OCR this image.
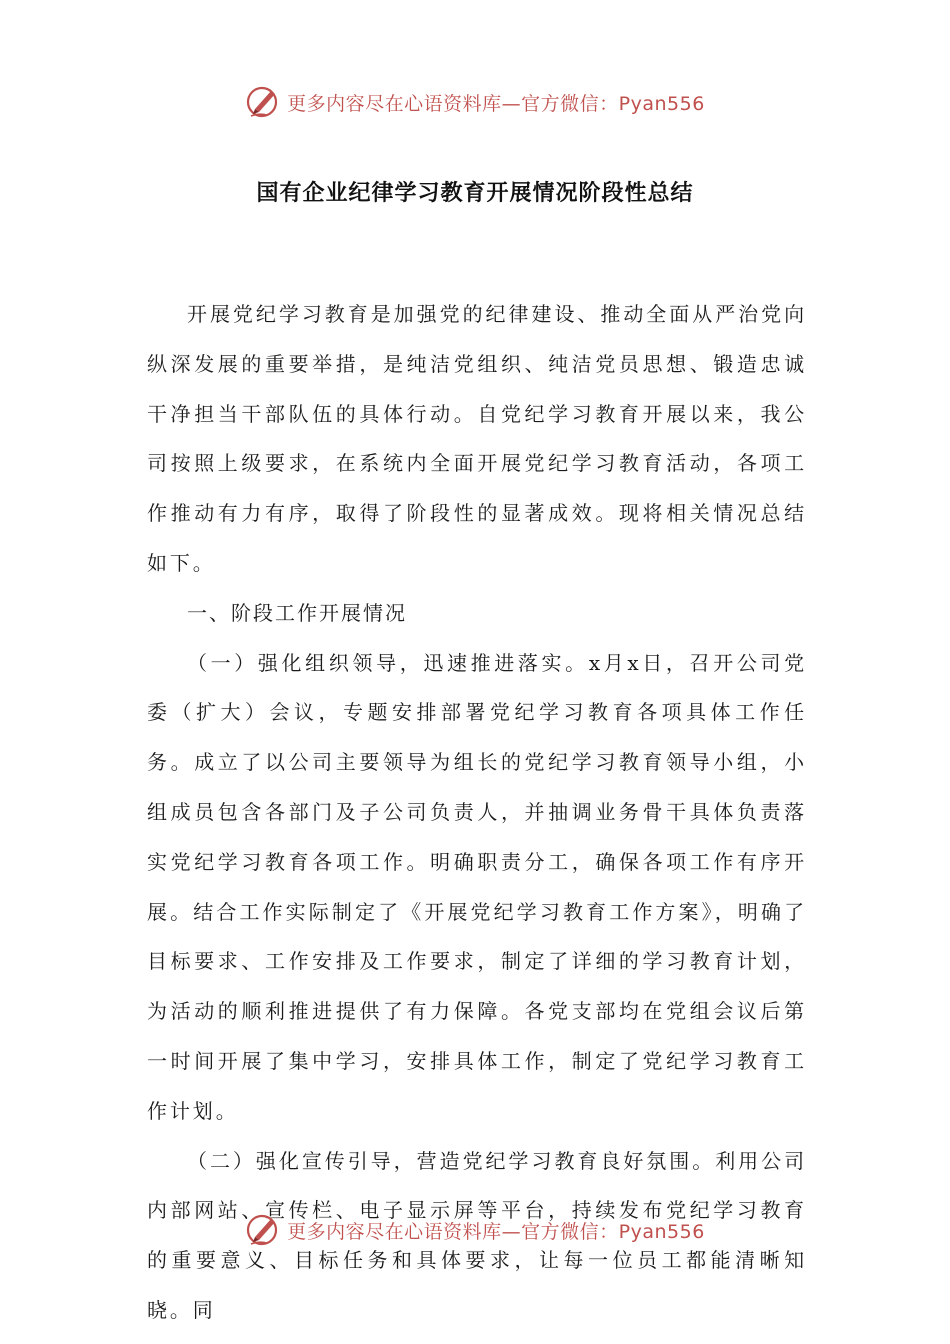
更多内容尽在心语资料库—官方微信：Pyan556
国有企业纪律学习教育开展情况阶段性总结

开展党纪学习教育是加强党的纪律建设、推动全面从严治党向纵深发展的重要举措，是纯洁党组织、纯洁党员思想、锻造忠诚干净担当干部队伍的具体行动。自党纪学习教育开展以来，我公司按照上级要求，在系统内全面开展党纪学习教育活动，各项工作推动有力有序，取得了阶段性的显著成效。现将相关情况总结如下。

一、阶段工作开展情况

（一）强化组织领导，迅速推进落实。x月x日，召开公司党委（扩大）会议，专题安排部署党纪学习教育各项具体工作任务。成立了以公司主要领导为组长的党纪学习教育领导小组，小组成员包含各部门及子公司负责人，并抽调业务骨干具体负责落实党纪学习教育各项工作。明确职责分工，确保各项工作有序开展。结合工作实际制定了《开展党纪学习教育工作方案》，明确了目标要求、工作安排及工作要求，制定了详细的学习教育计划，为活动的顺利推进提供了有力保障。各党支部均在党组会议后第一时间开展了集中学习，安排具体工作，制定了党纪学习教育工作计划。

（二）强化宣传引导，营造党纪学习教育良好氛围。利用公司内部网站、宣传栏、电子显示屏等平台，持续发布党纪学习教育的重要意义、目标任务和具体要求，让每一位员工都能清晰知晓。同

更多内容尽在心语资料库—官方微信：Pyan556
